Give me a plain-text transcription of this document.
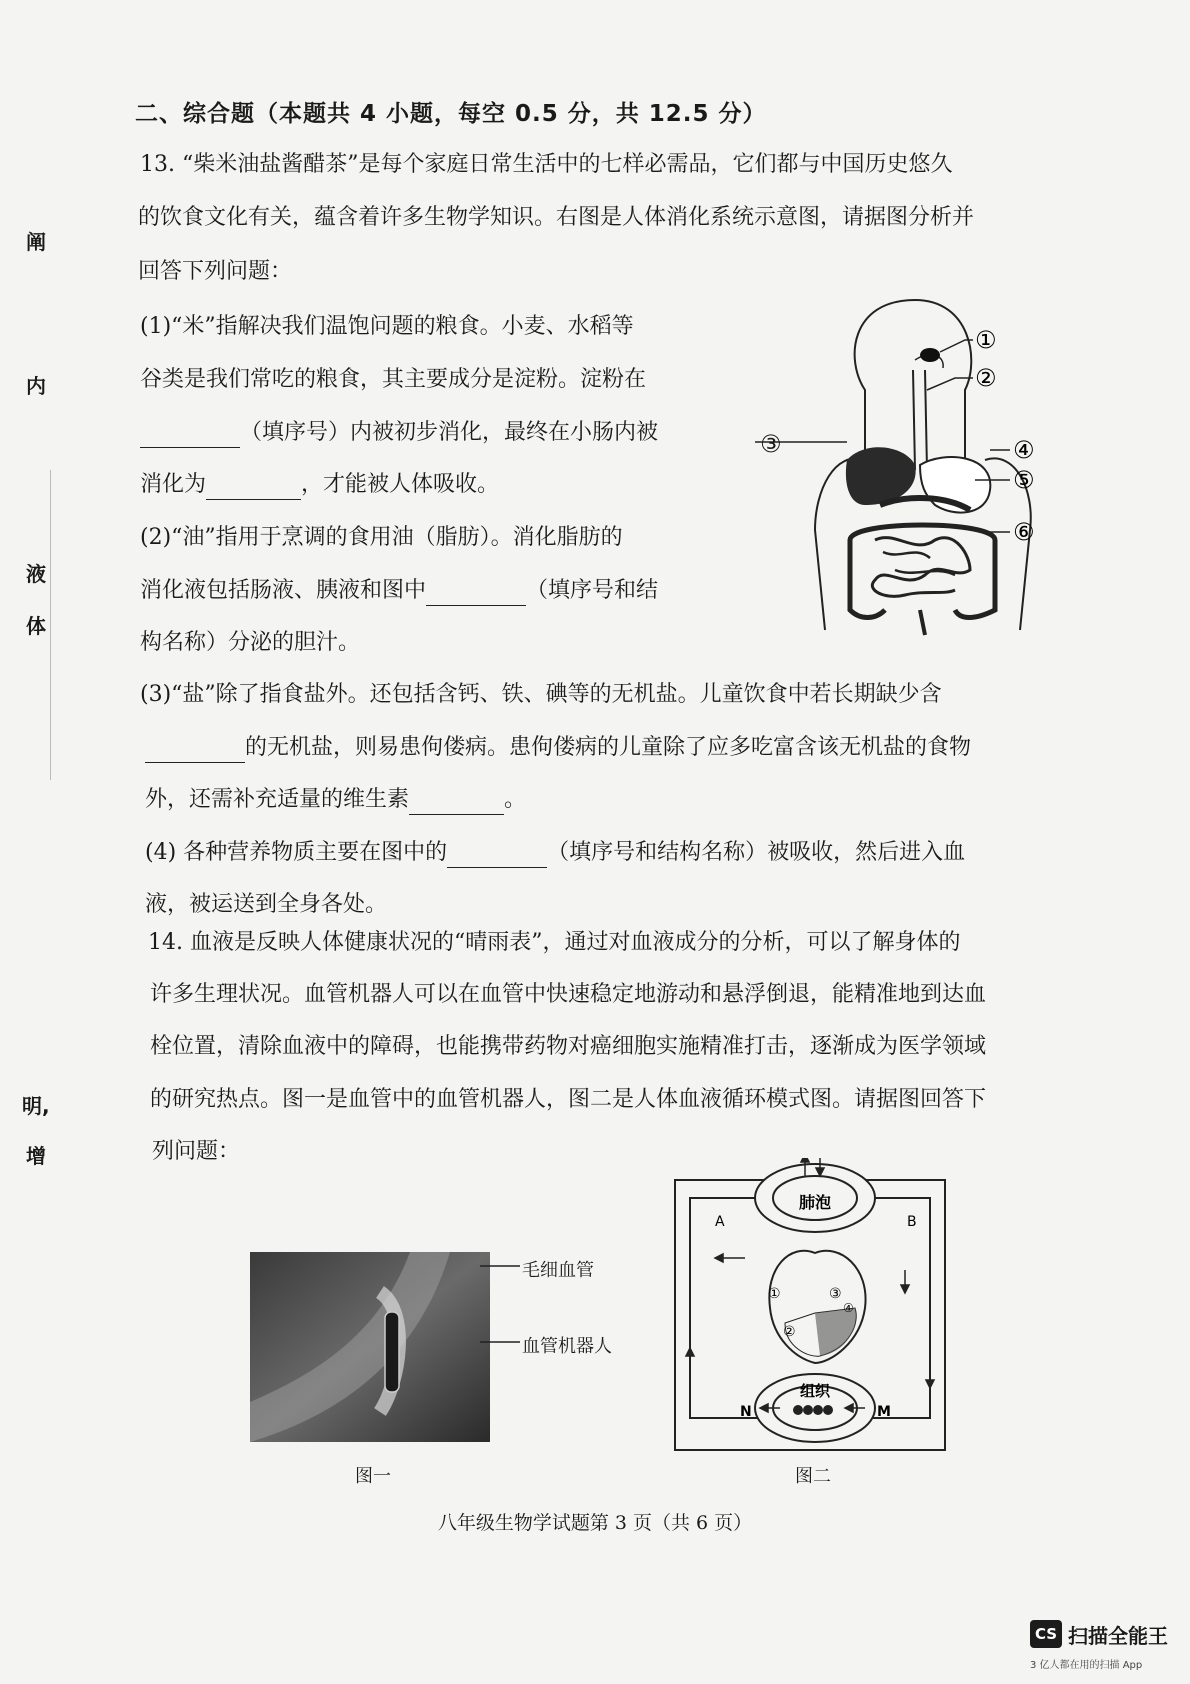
阐
内
液
体
明,
增
二、综合题（本题共 4 小题，每空 0.5 分，共 12.5 分）
13. “柴米油盐酱醋茶”是每个家庭日常生活中的七样必需品，它们都与中国历史悠久
的饮食文化有关，蕴含着许多生物学知识。右图是人体消化系统示意图，请据图分析并
回答下列问题：
(1)“米”指解决我们温饱问题的粮食。小麦、水稻等
谷类是我们常吃的粮食，其主要成分是淀粉。淀粉在
（填序号）内被初步消化，最终在小肠内被
消化为	，才能被人体吸收。
(2)“油”指用于烹调的食用油（脂肪）。消化脂肪的
消化液包括肠液、胰液和图中	（填序号和结
构名称）分泌的胆汁。
(3)“盐”除了指食盐外。还包括含钙、铁、碘等的无机盐。儿童饮食中若长期缺少含
的无机盐，则易患佝偻病。患佝偻病的儿童除了应多吃富含该无机盐的食物
外，还需补充适量的维生素	。
(4) 各种营养物质主要在图中的	（填序号和结构名称）被吸收，然后进入血
液，被运送到全身各处。
①
②
④
⑤
⑥
③
14. 血液是反映人体健康状况的“晴雨表”，通过对血液成分的分析，可以了解身体的
许多生理状况。血管机器人可以在血管中快速稳定地游动和悬浮倒退，能精准地到达血
栓位置，清除血液中的障碍，也能携带药物对癌细胞实施精准打击，逐渐成为医学领域
的研究热点。图一是血管中的血管机器人，图二是人体血液循环模式图。请据图回答下
列问题：
毛细血管
血管机器人
图一
肺泡
组织
A	B
N	M
①
②
③
④
图二
八年级生物学试题第 3 页（共 6 页）
CS 扫描全能王
3 亿人都在用的扫描 App
